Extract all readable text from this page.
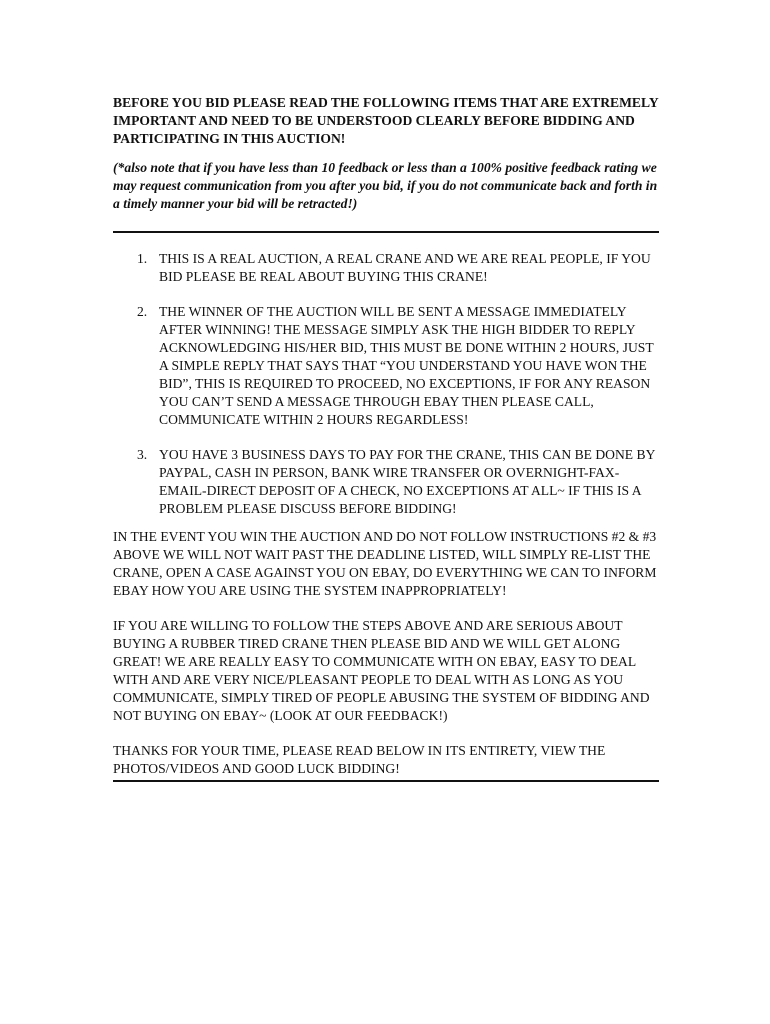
BEFORE YOU BID PLEASE READ THE FOLLOWING ITEMS THAT ARE EXTREMELY IMPORTANT AND NEED TO BE UNDERSTOOD CLEARLY BEFORE BIDDING AND PARTICIPATING IN THIS AUCTION!

(*also note that if you have less than 10 feedback or less than a 100% positive feedback rating we may request communication from you after you bid, if you do not communicate back and forth in a timely manner your bid will be retracted!)

1. THIS IS A REAL AUCTION, A REAL CRANE AND WE ARE REAL PEOPLE, IF YOU BID PLEASE BE REAL ABOUT BUYING THIS CRANE!
2. THE WINNER OF THE AUCTION WILL BE SENT A MESSAGE IMMEDIATELY AFTER WINNING! THE MESSAGE SIMPLY ASK THE HIGH BIDDER TO REPLY ACKNOWLEDGING HIS/HER BID, THIS MUST BE DONE WITHIN 2 HOURS, JUST A SIMPLE REPLY THAT SAYS THAT “YOU UNDERSTAND YOU HAVE WON THE BID”, THIS IS REQUIRED TO PROCEED, NO EXCEPTIONS, IF FOR ANY REASON YOU CAN’T SEND A MESSAGE THROUGH EBAY THEN PLEASE CALL, COMMUNICATE WITHIN 2 HOURS REGARDLESS!
3. YOU HAVE 3 BUSINESS DAYS TO PAY FOR THE CRANE, THIS CAN BE DONE BY PAYPAL, CASH IN PERSON, BANK WIRE TRANSFER OR OVERNIGHT-FAX-EMAIL-DIRECT DEPOSIT OF A CHECK, NO EXCEPTIONS AT ALL~ IF THIS IS A PROBLEM PLEASE DISCUSS BEFORE BIDDING!

IN THE EVENT YOU WIN THE AUCTION AND DO NOT FOLLOW INSTRUCTIONS #2 & #3 ABOVE WE WILL NOT WAIT PAST THE DEADLINE LISTED, WILL SIMPLY RE-LIST THE CRANE, OPEN A CASE AGAINST YOU ON EBAY, DO EVERYTHING WE CAN TO INFORM EBAY HOW YOU ARE USING THE SYSTEM INAPPROPRIATELY!

IF YOU ARE WILLING TO FOLLOW THE STEPS ABOVE AND ARE SERIOUS ABOUT BUYING A RUBBER TIRED CRANE THEN PLEASE BID AND WE WILL GET ALONG GREAT! WE ARE REALLY EASY TO COMMUNICATE WITH ON EBAY, EASY TO DEAL WITH AND ARE VERY NICE/PLEASANT PEOPLE TO DEAL WITH AS LONG AS YOU COMMUNICATE, SIMPLY TIRED OF PEOPLE ABUSING THE SYSTEM OF BIDDING AND NOT BUYING ON EBAY~ (LOOK AT OUR FEEDBACK!)

THANKS FOR YOUR TIME, PLEASE READ BELOW IN ITS ENTIRETY, VIEW THE PHOTOS/VIDEOS AND GOOD LUCK BIDDING!
